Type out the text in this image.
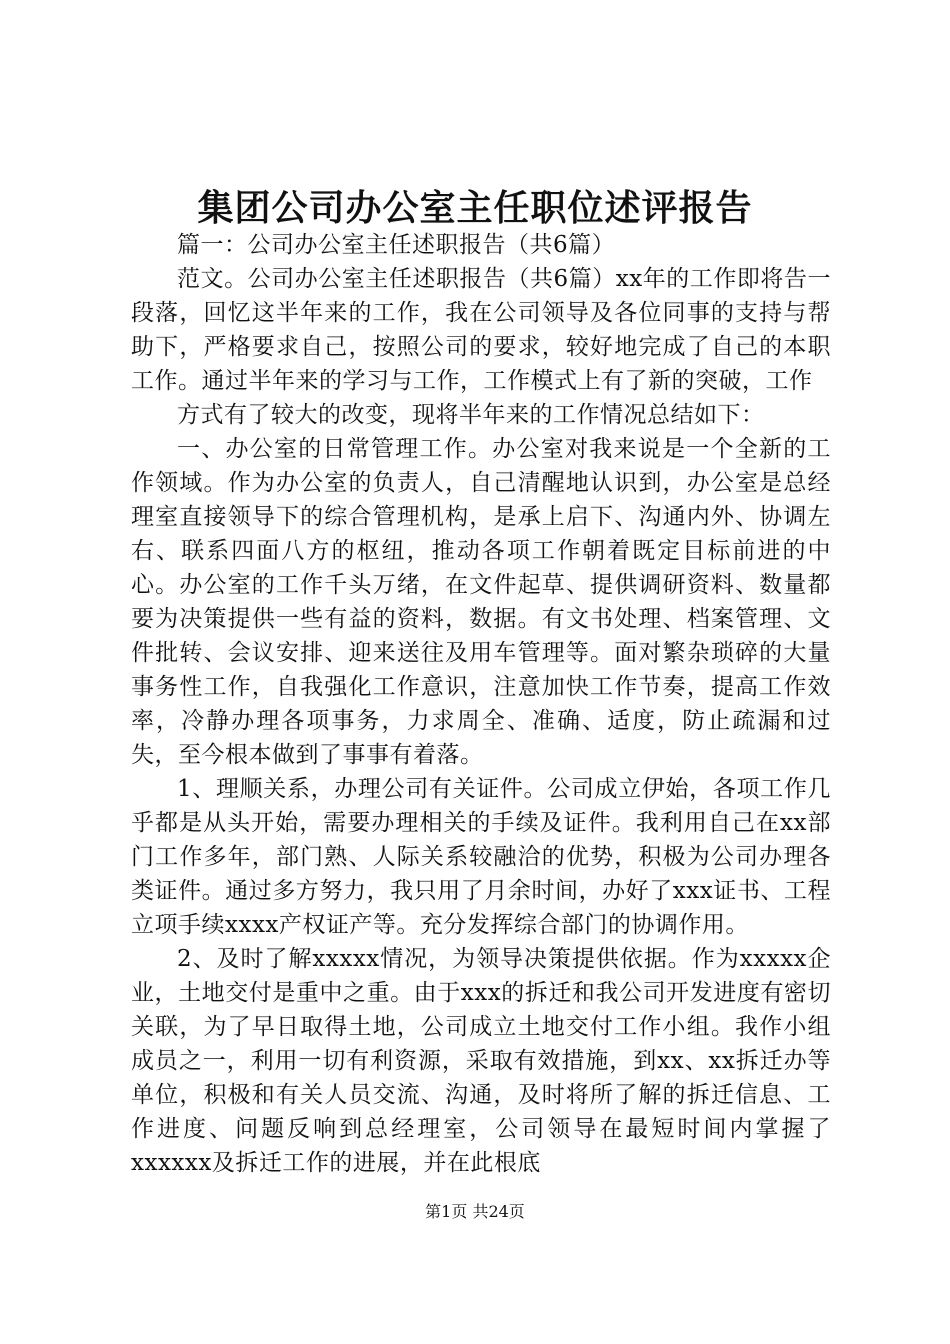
集团公司办公室主任职位述评报告

篇一：公司办公室主任述职报告（共6篇）

范文。公司办公室主任述职报告（共6篇）xx年的工作即将告一段落，回忆这半年来的工作，我在公司领导及各位同事的支持与帮助下，严格要求自己，按照公司的要求，较好地完成了自己的本职工作。通过半年来的学习与工作，工作模式上有了新的突破，工作

方式有了较大的改变，现将半年来的工作情况总结如下：

一、办公室的日常管理工作。办公室对我来说是一个全新的工作领域。作为办公室的负责人，自己清醒地认识到，办公室是总经理室直接领导下的综合管理机构，是承上启下、沟通内外、协调左右、联系四面八方的枢纽，推动各项工作朝着既定目标前进的中心。办公室的工作千头万绪，在文件起草、提供调研资料、数量都要为决策提供一些有益的资料，数据。有文书处理、档案管理、文件批转、会议安排、迎来送往及用车管理等。面对繁杂琐碎的大量事务性工作，自我强化工作意识，注意加快工作节奏，提高工作效率，冷静办理各项事务，力求周全、准确、适度，防止疏漏和过失，至今根本做到了事事有着落。

1、理顺关系，办理公司有关证件。公司成立伊始，各项工作几乎都是从头开始，需要办理相关的手续及证件。我利用自己在xx部门工作多年，部门熟、人际关系较融洽的优势，积极为公司办理各类证件。通过多方努力，我只用了月余时间，办好了xxx证书、工程立项手续xxxx产权证产等。充分发挥综合部门的协调作用。

2、及时了解xxxxx情况，为领导决策提供依据。作为xxxxx企业，土地交付是重中之重。由于xxx的拆迁和我公司开发进度有密切关联，为了早日取得土地，公司成立土地交付工作小组。我作小组成员之一，利用一切有利资源，采取有效措施，到xx、xx拆迁办等单位，积极和有关人员交流、沟通，及时将所了解的拆迁信息、工作进度、问题反响到总经理室，公司领导在最短时间内掌握了xxxxxx及拆迁工作的进展，并在此根底

第1页 共24页
